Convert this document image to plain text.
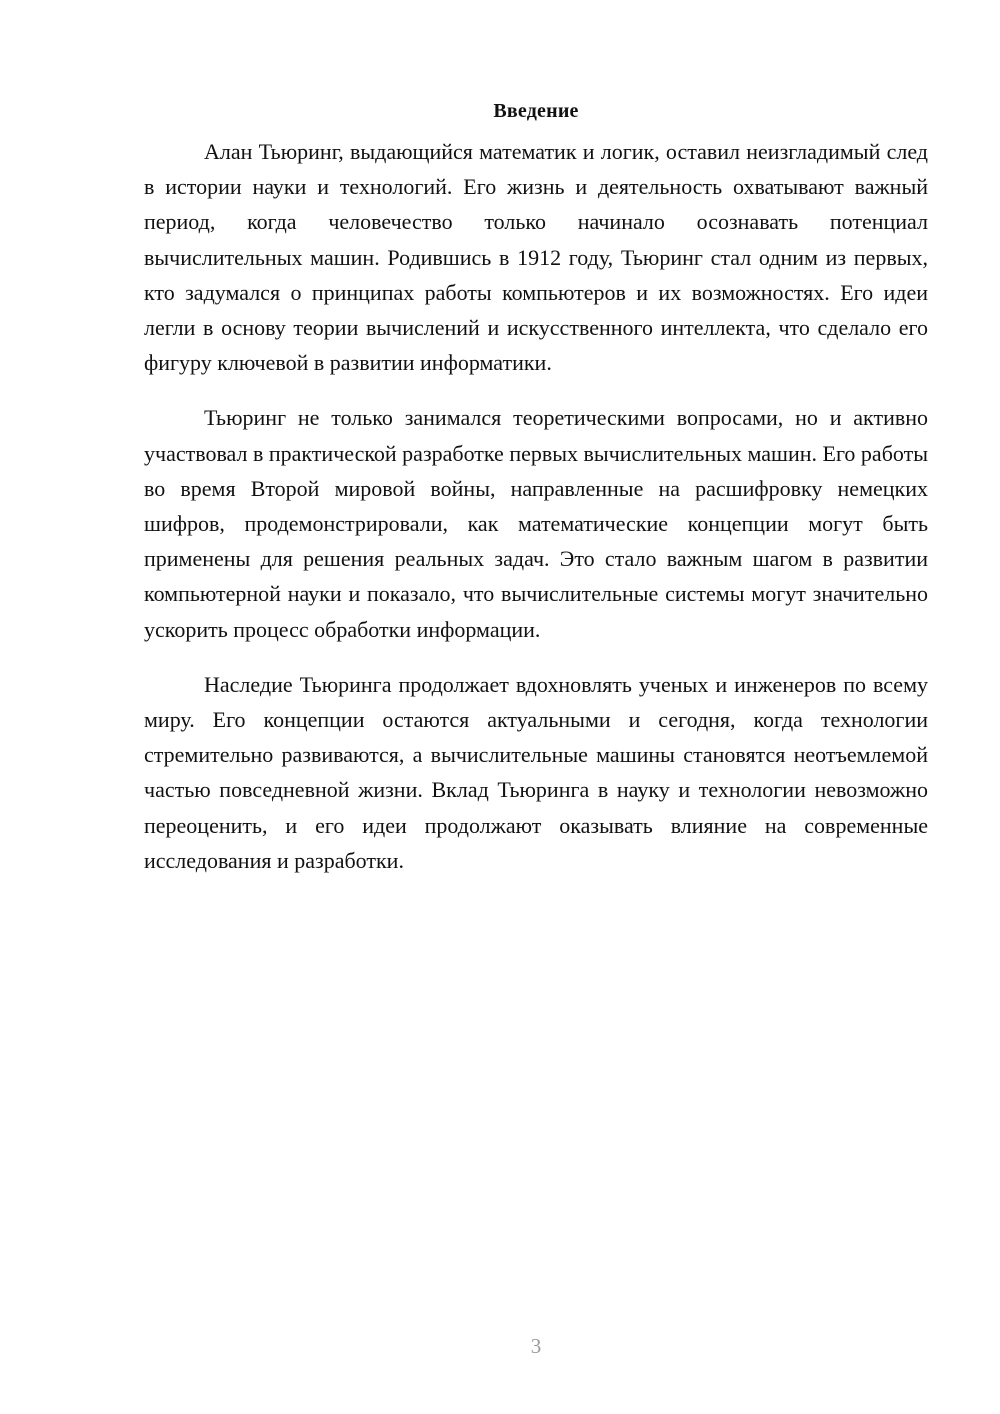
Введение

Алан Тьюринг, выдающийся математик и логик, оставил неизгладимый след в истории науки и технологий. Его жизнь и деятельность охватывают важный период, когда человечество только начинало осознавать потенциал вычислительных машин. Родившись в 1912 году, Тьюринг стал одним из первых, кто задумался о принципах работы компьютеров и их возможностях. Его идеи легли в основу теории вычислений и искусственного интеллекта, что сделало его фигуру ключевой в развитии информатики.

Тьюринг не только занимался теоретическими вопросами, но и активно участвовал в практической разработке первых вычислительных машин. Его работы во время Второй мировой войны, направленные на расшифровку немецких шифров, продемонстрировали, как математические концепции могут быть применены для решения реальных задач. Это стало важным шагом в развитии компьютерной науки и показало, что вычислительные системы могут значительно ускорить процесс обработки информации.

Наследие Тьюринга продолжает вдохновлять ученых и инженеров по всему миру. Его концепции остаются актуальными и сегодня, когда технологии стремительно развиваются, а вычислительные машины становятся неотъемлемой частью повседневной жизни. Вклад Тьюринга в науку и технологии невозможно переоценить, и его идеи продолжают оказывать влияние на современные исследования и разработки.

3
